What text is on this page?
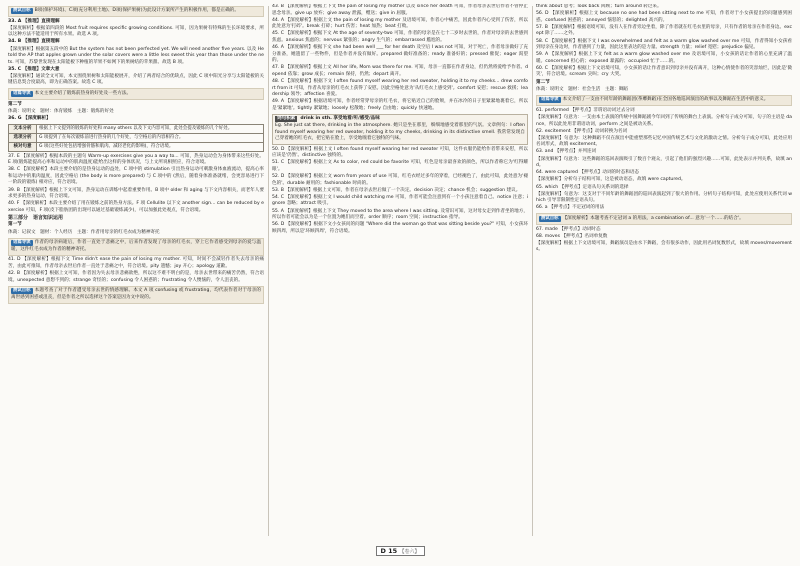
测试目标 B项(保护环境)、C项(充分利用土地)、D项(保护果树)为此设计方案所产生的积极作用，都是正确的。
33. A 【推理】直接理解
【深度解析】根据第四段的 Most fruit requires specific growing conditions. 可知，因为果树有特殊的生长环境要求，所以这种方法不能适用于所有水果。故选 A 项。
34. B 【推理】直接理解
【深度解析】根据第五段中的 But the system has not been perfected yet. We will need another five years. 以及 He told the AP that apples grown under the solar covers were a little less sweet this year than those under the nets. 可知，苏黎世发现在太阳能板下种植的苹果不如网下的果树结的苹果甜。故选 B 项。
35. C 【推理】文章大意
【深度解析】通读全文可知，本文围绕果树和太阳能板展开，介绍了两者结合的优缺点，因此 C 项中阳光分享与太阳能板的关键信息契合度最高，即为正确答案。故选 C 项。
语篇导读 本文主要介绍了锻炼前热身的好处及一些方法。
第二节
体裁：说明文　题材：体育锻炼　主题：锻炼的好处
36. G 【深度解析】
文本分析	根据上下文提到的锻炼的好处和 many others 以及下文内容可知，此处会提及锻炼的几个好处。
选项分析	G 项提到了在每次锻炼前进行热身的几个好处，与空格后的内容相符合。
核对句意	G 项(这些好处包括增强骨骼和肌肉、减轻老化的影响)，符合语境。
37. E 【深度解析】根据本段的主题句 Warm-up exercises give you a way to... 可知，热身运动会为身体带来这些好处。E 项(锻炼能提高心率和运动中的肌肉温度)能给出这样的身体状况，与上文所说相照应，符合语境。
38. C 【深度解析】本段主要介绍的是热身运动的益处，C 项中的 stimulation 引出热身运动可刺激身体血液流动，提高心率和运动中的肌肉温度，因此空格后 (the body is more prepared) 与 C 项中的 (然后，随着身体准备就绪，会更容易进行下一阶段的锻炼) 相对应，符合语境。
39. B 【深度解析】根据上下文可知，热身运动在训练中起着重要作用。B 项中 older 和 aging 与下文内容相关，而老年人要求更多的热身运动，符合语境。
40. F 【深度解析】本段主要介绍了用在锻炼之前的热身方法。F 项 Cellulite 以下文 another sign... can be reduced by exercise 可知，F 项(皮下脂肪团的出现可以通过基础锻炼减少)，可以加强此处观点，符合语境。
第三部分　语言知识运用
第一节
体裁：记叙文　题材：个人经历　主题：作者用母亲的红毛衣成为精神寄托
语篇导读 作者的母亲病逝后，作者一直处于悲痛之中，后来作者发现了母亲的红毛衣，穿上它作者感受到母亲的爱与温暖，这件红毛衣成为作者的精神寄托。
41. D 【深度解析】根据下文 Time didn't ease the pain of losing my mother. 可知，时间不会减轻作者失去母亲的痛苦，由此可推知，作者母亲去世后作者一直处于悲痛之中，符合语境。pity 遗憾；joy 开心；apology 道歉。
42. B 【深度解析】根据上文可知，作者因为失去母亲悲痛欲绝，所以这不难不明白的是，母亲去世带来的痛苦仍然，符合语境。unexpected 意想不到的；strange 奇怪的；confusing 令人困惑的；frustrating 令人懊恼的，令人沮丧的。
测试目标 本题考查了对于作者遭受母亲去世的情感理解。本文 A 项 confusing 或 frustrating，均代表作者对于母亲的离世感到困惑或沮丧，但是作者之所以选择这个答案是因为文中说的。
43. B 【深度解析】根据上下文 the pain of losing my mother 以及 since her death 可知，作者母亲去世后作者不曾停止思念母亲。give up 放弃；give away 泄露，赠送；give in 屈服。
44. A 【深度解析】根据上文 the pain of losing my mother 及语境可知，作者心中痛苦，因此作者内心受到了伤害，所以此处意为'打碎'。break 打碎；hurt 伤害；heat 加热；beat 打败。
45. C 【深度解析】根据下文 At the age of seventy-two 可知，作者的母亲是在七十二岁时去世的，作者对母亲的去世感到焦虑。anxious 焦虑的；nervous 紧张的；angry 生气的；embarrassed 尴尬的。
46. A 【深度解析】根据下文 she had been well ___ for her death 及空后 I was not 可知，对于死亡，作者母亲做好了充分准备，她遗留了一些物件，但是作者并没有做好。prepared 做好准备的；ready 准备好的；pressed 催促；eager 渴望的。
47. B 【深度解析】根据上文 All her life, Mom was there for me. 可知，母亲一直都在作者身边，但仍然将爱给予作者。depend 依靠；grow 成长；remain 保持，仍然；depart 离开。
48. C 【深度解析】根据下文 I often found myself wearing her red sweater, holding it to my cheeks... drew comfort from it 可知，作者从母亲的红毛衣上获得了安慰。因此空格处意为'从红毛衣上感受到'。comfort 安慰；rescue 救援；leadership 领导；affection 喜爱。
49. A 【深度解析】根据语境可知，作者经常穿母亲的红毛衣，将它贴近自己的脸颊，并在冰冷的日子里紧紧地裹着它，所以是'紧紧地'。tightly 紧紧地；loosely 松散地；freely 自由地；quickly 快速地。
词句积累 drink in sth. 享受地看/听/感受/品味
Eg. She just sat there, drinking in the atmosphere. 她只是坐在那里，细细地感受着那里的气氛。文章例句：I often found myself wearing her red sweater, holding it to my cheeks, drinking in its distinctive smell. 我常常发现自己穿着她的红毛衣，把它贴在脸上，享受地嗅着它独特的气味。
50. D 【深度解析】根据上文 I often found myself wearing her red sweater 可知，这件衣服仍能给作者带来安慰，所以应该是'仍然'。distinctive 独特的。
51. C 【深度解析】根据上文 As to color, red could be favorite 可知，红色是母亲最喜欢的颜色，所以作者称它为'红得耀眼'。
52. D 【深度解析】根据上文 worn from years of use 可知，红毛衣经过多年的穿着，已经褪色了，由此可知，此处意为'褪色的'。durable 耐用的；fashionable 时尚的。
53. B 【深度解析】根据上文可知，作者在母亲去世后做了一个决定。decision 决定；chance 机会；suggestion 建议。
54. C 【深度解析】根据上文 I would child watching me 可知，作者可能会注意到有一个小孩注意着自己。notice 注意；ignore 忽略；attract 吸引。
55. A 【深度解析】根据上下文 They moved to the area where I was sitting. 及常识可知，这对母女走到作者坐的地方，所以作者可能会以为是一个位置为她们而空着。order 顺序；room 空间；instruction 指导。
56. D 【深度解析】根据下文小女孩问的问题 "Where did the woman go that was sitting beside you?" 可知，小女孩环顾四周，所以是'环顾四周'，符合语境。
think about 思考；look back 回顾；turn around 转过来。
56. D 【深度解析】根据上文 because no one had been sitting next to me 可知，作者对于小女孩提出的问题感到困惑。confused 困惑的；annoyed 恼怒的；delighted 高兴的。
57. B 【深度解析】根据语境可知，没有人在作者旁边坐着，除了作者就在红毛衣里的母亲，只有作者的母亲在作者身边。except 除了……之外。
58. C 【深度解析】根据下文 I was overwhelmed and felt as a warm glow washed over me 可知，作者得知小女孩看到母亲在身边时，作者感到了力量，因此这里表达的是力量。strength 力量；relief 宽慰；prejudice 偏见。
59. A 【深度解析】根据上下文 felt as a warm glow washed over me 及语境可知，小女孩的话让作者的心里充满了温暖。concerned 担心的；exposed 暴露的；occupied 忙于……的。
60. C 【深度解析】根据上下文语境可知，小女孩的话让作者意识到母亲并没有离开，这种心情使作者的笑容灿烂，因此是'微笑'，符合语境。scream 尖叫；cry 大哭。
第二节
体裁：说明文　题材：社会生活　主题：舞蹈
语篇导读 本文介绍了一支由不同年龄的舞蹈团(荼蘼舞蹈)在全国各地巡回演出的故事以及舞蹈在生活中的意义。
61. performed 【押考点】非谓语动词过去分词
【深度解析】句意为：一支由本土表演的传统中国舞蹈剧今年回到了传统的舞台上表演。分析句子成分可知，句子的主语是 dance，所以此处用非谓语动词，perform 之间是被动关系。
62. excitement 【押考点】动词转换为名词
【深度解析】句意为：这种舞蹈不仅在演出中能重塑那些记忆中国传统艺术与文化的激动之情。分析句子成分可知，此处应用名词形式，故填 excitement。
63. and 【押考点】并列连词
【深度解析】句意为：这些舞蹈的巡回表演吸引了数百个观众，引起了他们的强烈兴趣……可知，此处表示并列关系，故填 and。
64. were captured 【押考点】动词的时态和语态
【深度解析】分析句子结构可知，这是被动语态，故填 were captured。
65. which 【押考点】定语从句关系词的选择
【深度解析】句意为：这支对于不同年龄的舞蹈团的巡回表演起到了很大的作用。分析句子结构可知，此处应使用关系代词 which 引导非限制性定语从句。
66. a 【押考点】不定冠词的用法
测试目标 【深度解析】本题考查不定冠词 a 的用法，a combination of... 意为'一个……的结合'。
67. made 【押考点】动词时态
68. moves 【押考点】名词单复数
【深度解析】根据上下文语境可知，舞蹈演员是由水下舞蹈，会有很多动作，因此用名词复数形式，故填 moves/movements。
D 15 【卷六】
